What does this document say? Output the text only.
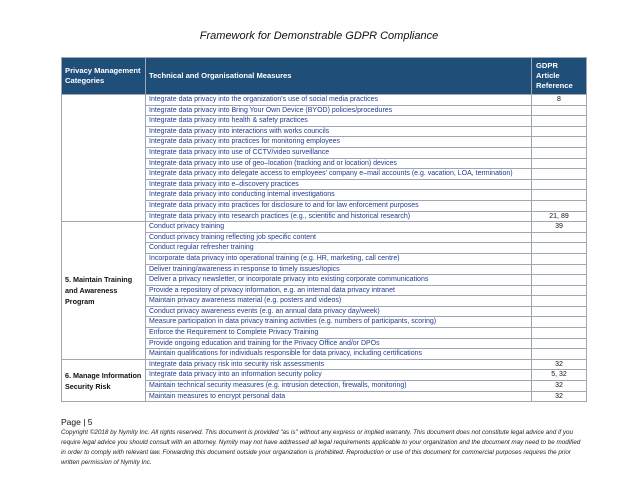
Framework for Demonstrable GDPR Compliance
Privacy Management Categories	Technical and Organisational Measures	GDPR Article Reference
	Integrate data privacy into the organization's use of social media practices	8
	Integrate data privacy into Bring Your Own Device (BYOD) policies/procedures	
	Integrate data privacy into health & safety practices	
	Integrate data privacy into interactions with works councils	
	Integrate data privacy into practices for monitoring employees	
	Integrate data privacy into use of CCTV/video surveillance	
	Integrate data privacy into use of geo–location (tracking and or location) devices	
	Integrate data privacy into delegate access to employees' company e–mail accounts (e.g. vacation, LOA, termination)	
	Integrate data privacy into e–discovery practices	
	Integrate data privacy into conducting internal investigations	
	Integrate data privacy into practices for disclosure to and for law enforcement purposes	
	Integrate data privacy into research practices (e.g., scientific and historical research)	21, 89
5. Maintain Training and Awareness Program	Conduct privacy training	39
	Conduct privacy training reflecting job specific content	
	Conduct regular refresher training	
	Incorporate data privacy into operational training (e.g. HR, marketing, call centre)	
	Deliver training/awareness in response to timely issues/topics	
	Deliver a privacy newsletter, or incorporate privacy into existing corporate communications	
	Provide a repository of privacy information, e.g. an internal data privacy intranet	
	Maintain privacy awareness material (e.g. posters and videos)	
	Conduct privacy awareness events (e.g. an annual data privacy day/week)	
	Measure participation in data privacy training activities (e.g. numbers of participants, scoring)	
	Enforce the Requirement to Complete Privacy Training	
	Provide ongoing education and training for the Privacy Office and/or DPOs	
	Maintain qualifications for individuals responsible for data privacy, including certifications	
6. Manage Information Security Risk	Integrate data privacy risk into security risk assessments	32
	Integrate data privacy into an information security policy	5, 32
	Maintain technical security measures (e.g. intrusion detection, firewalls, monitoring)	32
	Maintain measures to encrypt personal data	32
Page | 5
Copyright ©2018 by Nymity Inc. All rights reserved. This document is provided "as is" without any express or implied warranty. This document does not constitute legal advice and if you require legal advice you should consult with an attorney. Nymity may not have addressed all legal requirements applicable to your organization and the document may need to be modified in order to comply with relevant law. Forwarding this document outside your organization is prohibited. Reproduction or use of this document for commercial purposes requires the prior written permission of Nymity Inc.
